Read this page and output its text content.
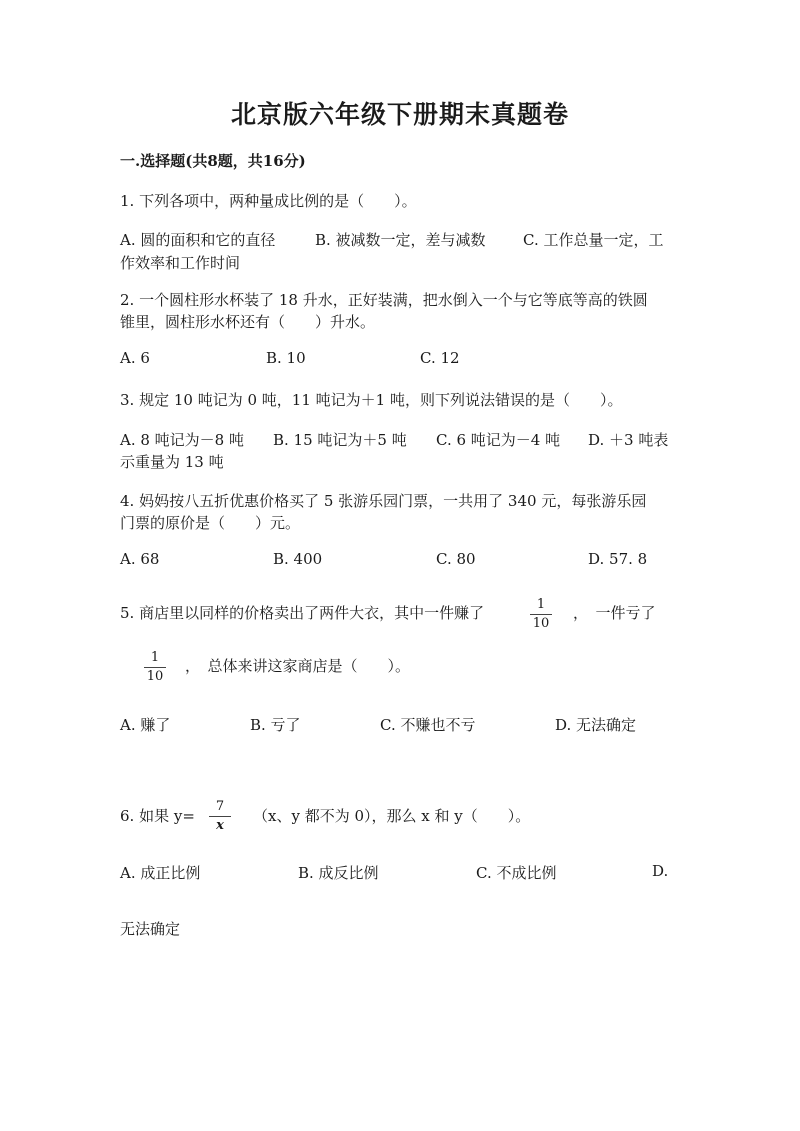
北京版六年级下册期末真题卷
一.选择题(共8题，共16分)
1. 下列各项中，两种量成比例的是（　　）。
A. 圆的面积和它的直径	B. 被减数一定，差与减数 C. 工作总量一定，工
作效率和工作时间
2. 一个圆柱形水杯装了 18 升水，正好装满，把水倒入一个与它等底等高的铁圆
锥里，圆柱形水杯还有（　　）升水。
A. 6	B. 10	C. 12
3. 规定 10 吨记为 0 吨，11 吨记为＋1 吨，则下列说法错误的是（　　）。
A. 8 吨记为－8 吨 B. 15 吨记为＋5 吨 C. 6 吨记为－4 吨 D. ＋3 吨表
示重量为 13 吨
4. 妈妈按八五折优惠价格买了 5 张游乐园门票，一共用了 340 元，每张游乐园
门票的原价是（　　）元。
A. 68	B. 400	C. 80	D. 57. 8
5. 商店里以同样的价格卖出了两件大衣，其中一件赚了	1
10
，　一件亏了
1
10
，　总体来讲这家商店是（　　）。
A. 赚了	B. 亏了	C. 不赚也不亏	D. 无法确定
6. 如果 y=
7
x
（x、y 都不为 0），那么 x 和 y（　　）。
A. 成正比例	B. 成反比例	C. 不成比例	D.
无法确定
